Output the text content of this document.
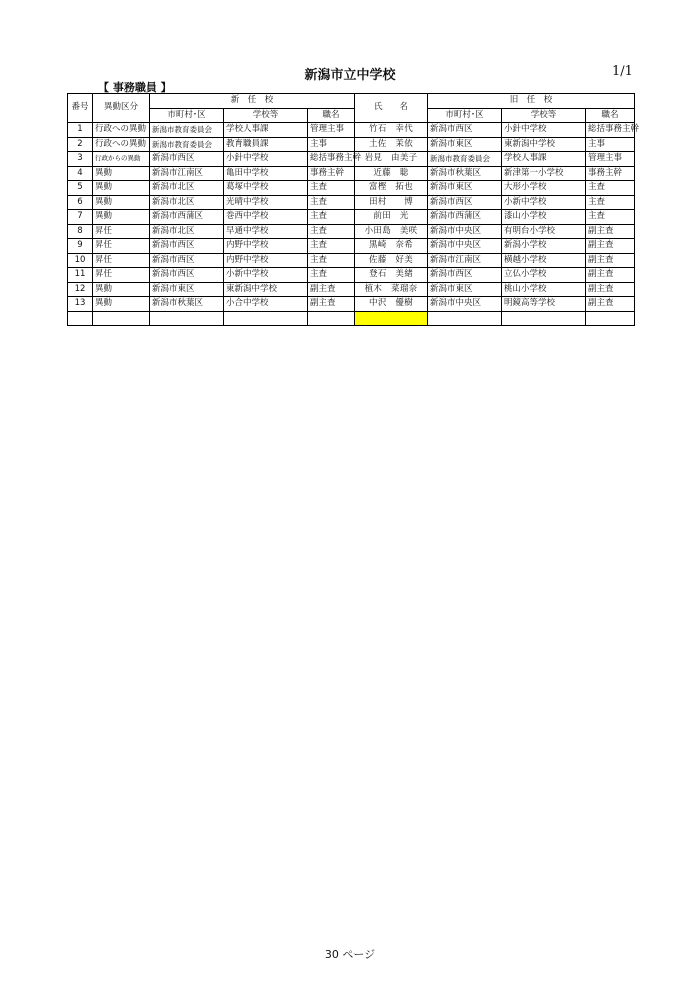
新潟市立中学校	1/1
【 事務職員 】
番号	異動区分	新　任　校			氏　　名	旧　任　校		
		市町村･区	学校等	職名		市町村･区	学校等	職名
1	行政への異動	新潟市教育委員会	学校人事課	管理主事	竹石　幸代	新潟市西区	小針中学校	総括事務主幹
2	行政への異動	新潟市教育委員会	教育職員課	主事	土佐　茉依	新潟市東区	東新潟中学校	主事
3	行政からの異動	新潟市西区	小針中学校	総括事務主幹	岩見　由美子	新潟市教育委員会	学校人事課	管理主事
4	異動	新潟市江南区	亀田中学校	事務主幹	近藤　聡	新潟市秋葉区	新津第一小学校	事務主幹
5	異動	新潟市北区	葛塚中学校	主査	富樫　拓也	新潟市東区	大形小学校	主査
6	異動	新潟市北区	光晴中学校	主査	田村　　博	新潟市西区	小新中学校	主査
7	異動	新潟市西蒲区	巻西中学校	主査	前田　光	新潟市西蒲区	漆山小学校	主査
8	昇任	新潟市北区	早通中学校	主査	小田島　美咲	新潟市中央区	有明台小学校	副主査
9	昇任	新潟市西区	内野中学校	主査	黒崎　奈希	新潟市中央区	新潟小学校	副主査
10	昇任	新潟市西区	内野中学校	主査	佐藤　好美	新潟市江南区	横越小学校	副主査
11	昇任	新潟市西区	小新中学校	主査	登石　美緒	新潟市西区	立仏小学校	副主査
12	異動	新潟市東区	東新潟中学校	副主査	植木　菜瑠奈	新潟市東区	桃山小学校	副主査
13	異動	新潟市秋葉区	小合中学校	副主査	中沢　優樹	新潟市中央区	明鏡高等学校	副主査

30 ページ
